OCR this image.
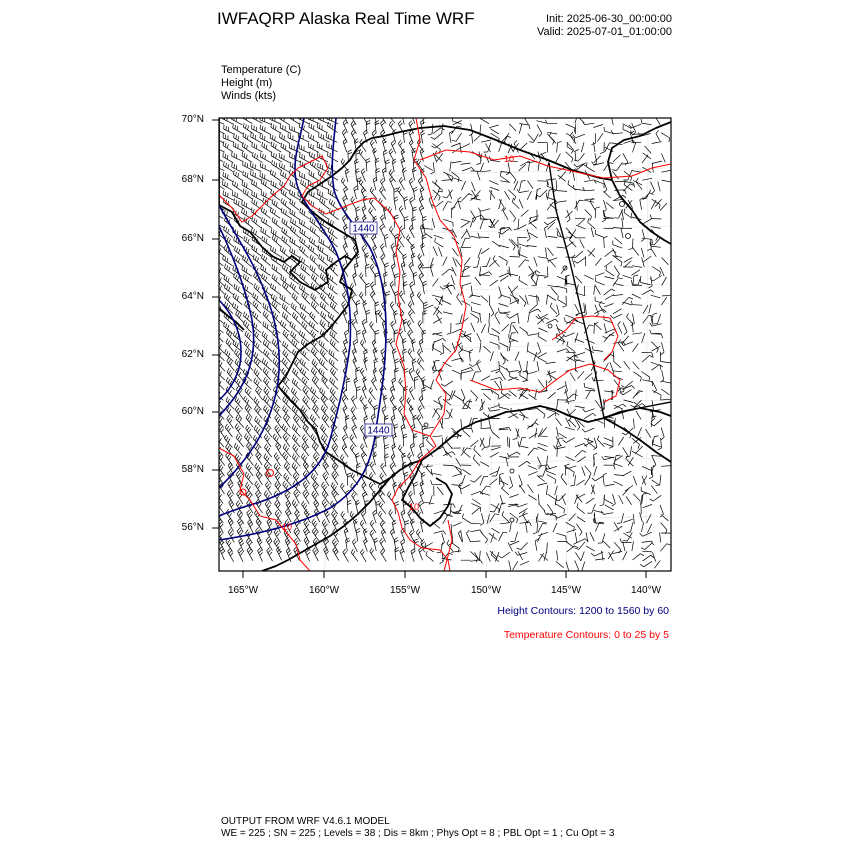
IWFAQRP Alaska Real Time WRF	Init: 2025-06-30_00:00:00
Valid: 2025-07-01_01:00:00
Temperature (C)
Height (m)
Winds (kts)
1440
1440
10
10
10
70°N
68°N
66°N
64°N
62°N
60°N
58°N
56°N
165°W	160°W	155°W	150°W	145°W	140°W
Height Contours: 1200 to 1560 by 60
Temperature Contours: 0 to 25 by 5
OUTPUT FROM WRF V4.6.1 MODEL
WE = 225 ; SN = 225 ; Levels = 38 ; Dis = 8km ; Phys Opt = 8 ; PBL Opt = 1 ; Cu Opt = 3
